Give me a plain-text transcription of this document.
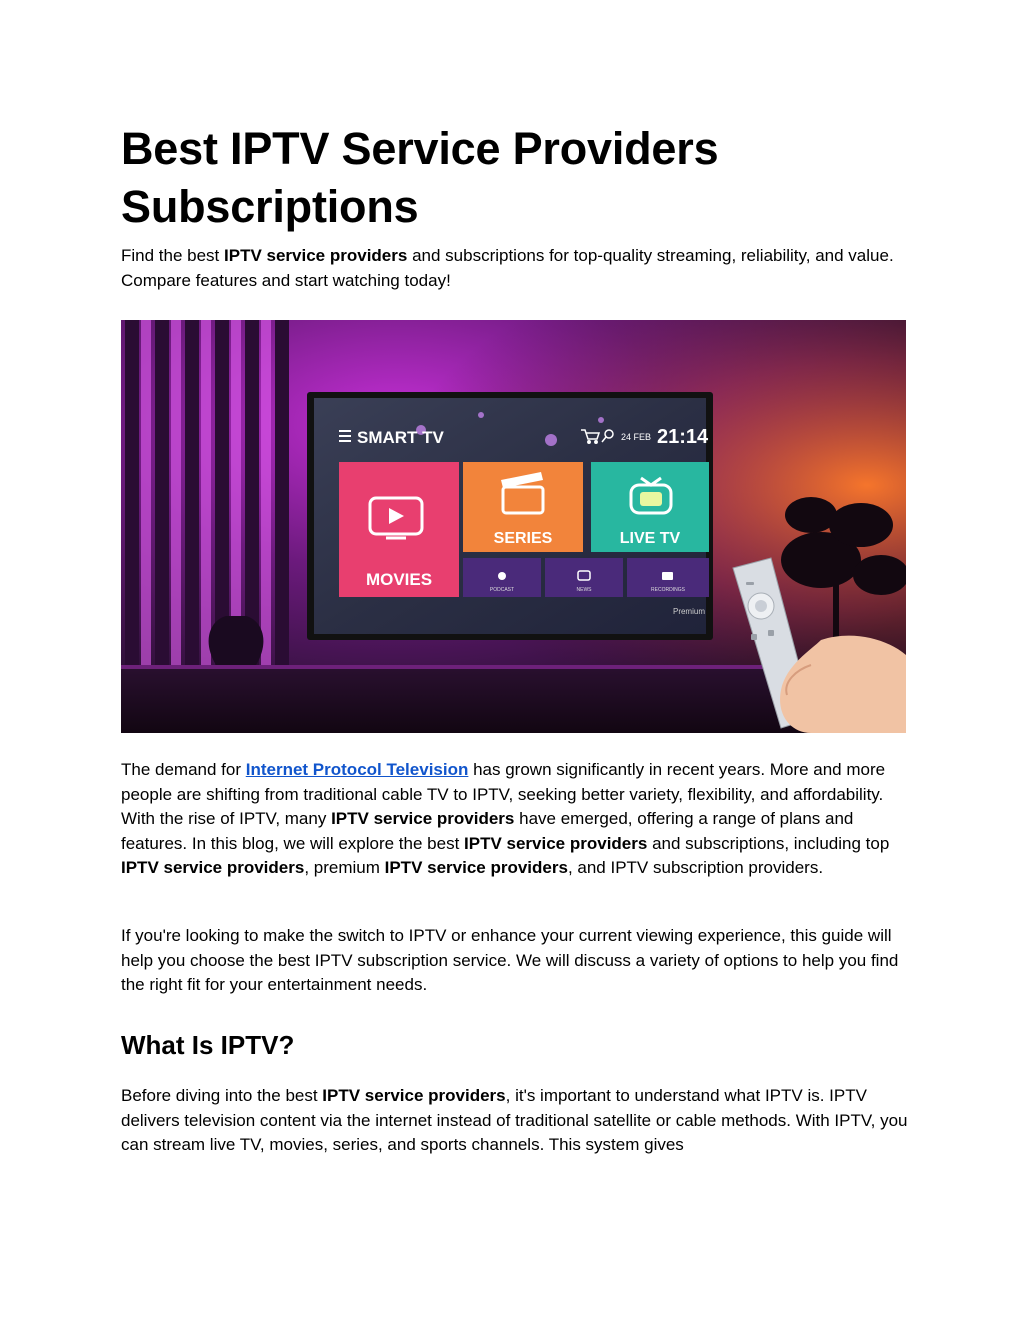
Best IPTV Service Providers
Subscriptions

Find the best IPTV service providers and subscriptions for top-quality streaming, reliability, and value. Compare features and start watching today!

SMART TV	24 FEB 21:14
MOVIES
SERIES	LIVE TV
PODCAST	NEWS	RECORDINGS
Premium

The demand for Internet Protocol Television has grown significantly in recent years. More and more people are shifting from traditional cable TV to IPTV, seeking better variety, flexibility, and affordability. With the rise of IPTV, many IPTV service providers have emerged, offering a range of plans and features. In this blog, we will explore the best IPTV service providers and subscriptions, including top IPTV service providers, premium IPTV service providers, and IPTV subscription providers.

If you're looking to make the switch to IPTV or enhance your current viewing experience, this guide will help you choose the best IPTV subscription service. We will discuss a variety of options to help you find the right fit for your entertainment needs.

What Is IPTV?

Before diving into the best IPTV service providers, it's important to understand what IPTV is. IPTV delivers television content via the internet instead of traditional satellite or cable methods. With IPTV, you can stream live TV, movies, series, and sports channels. This system gives
